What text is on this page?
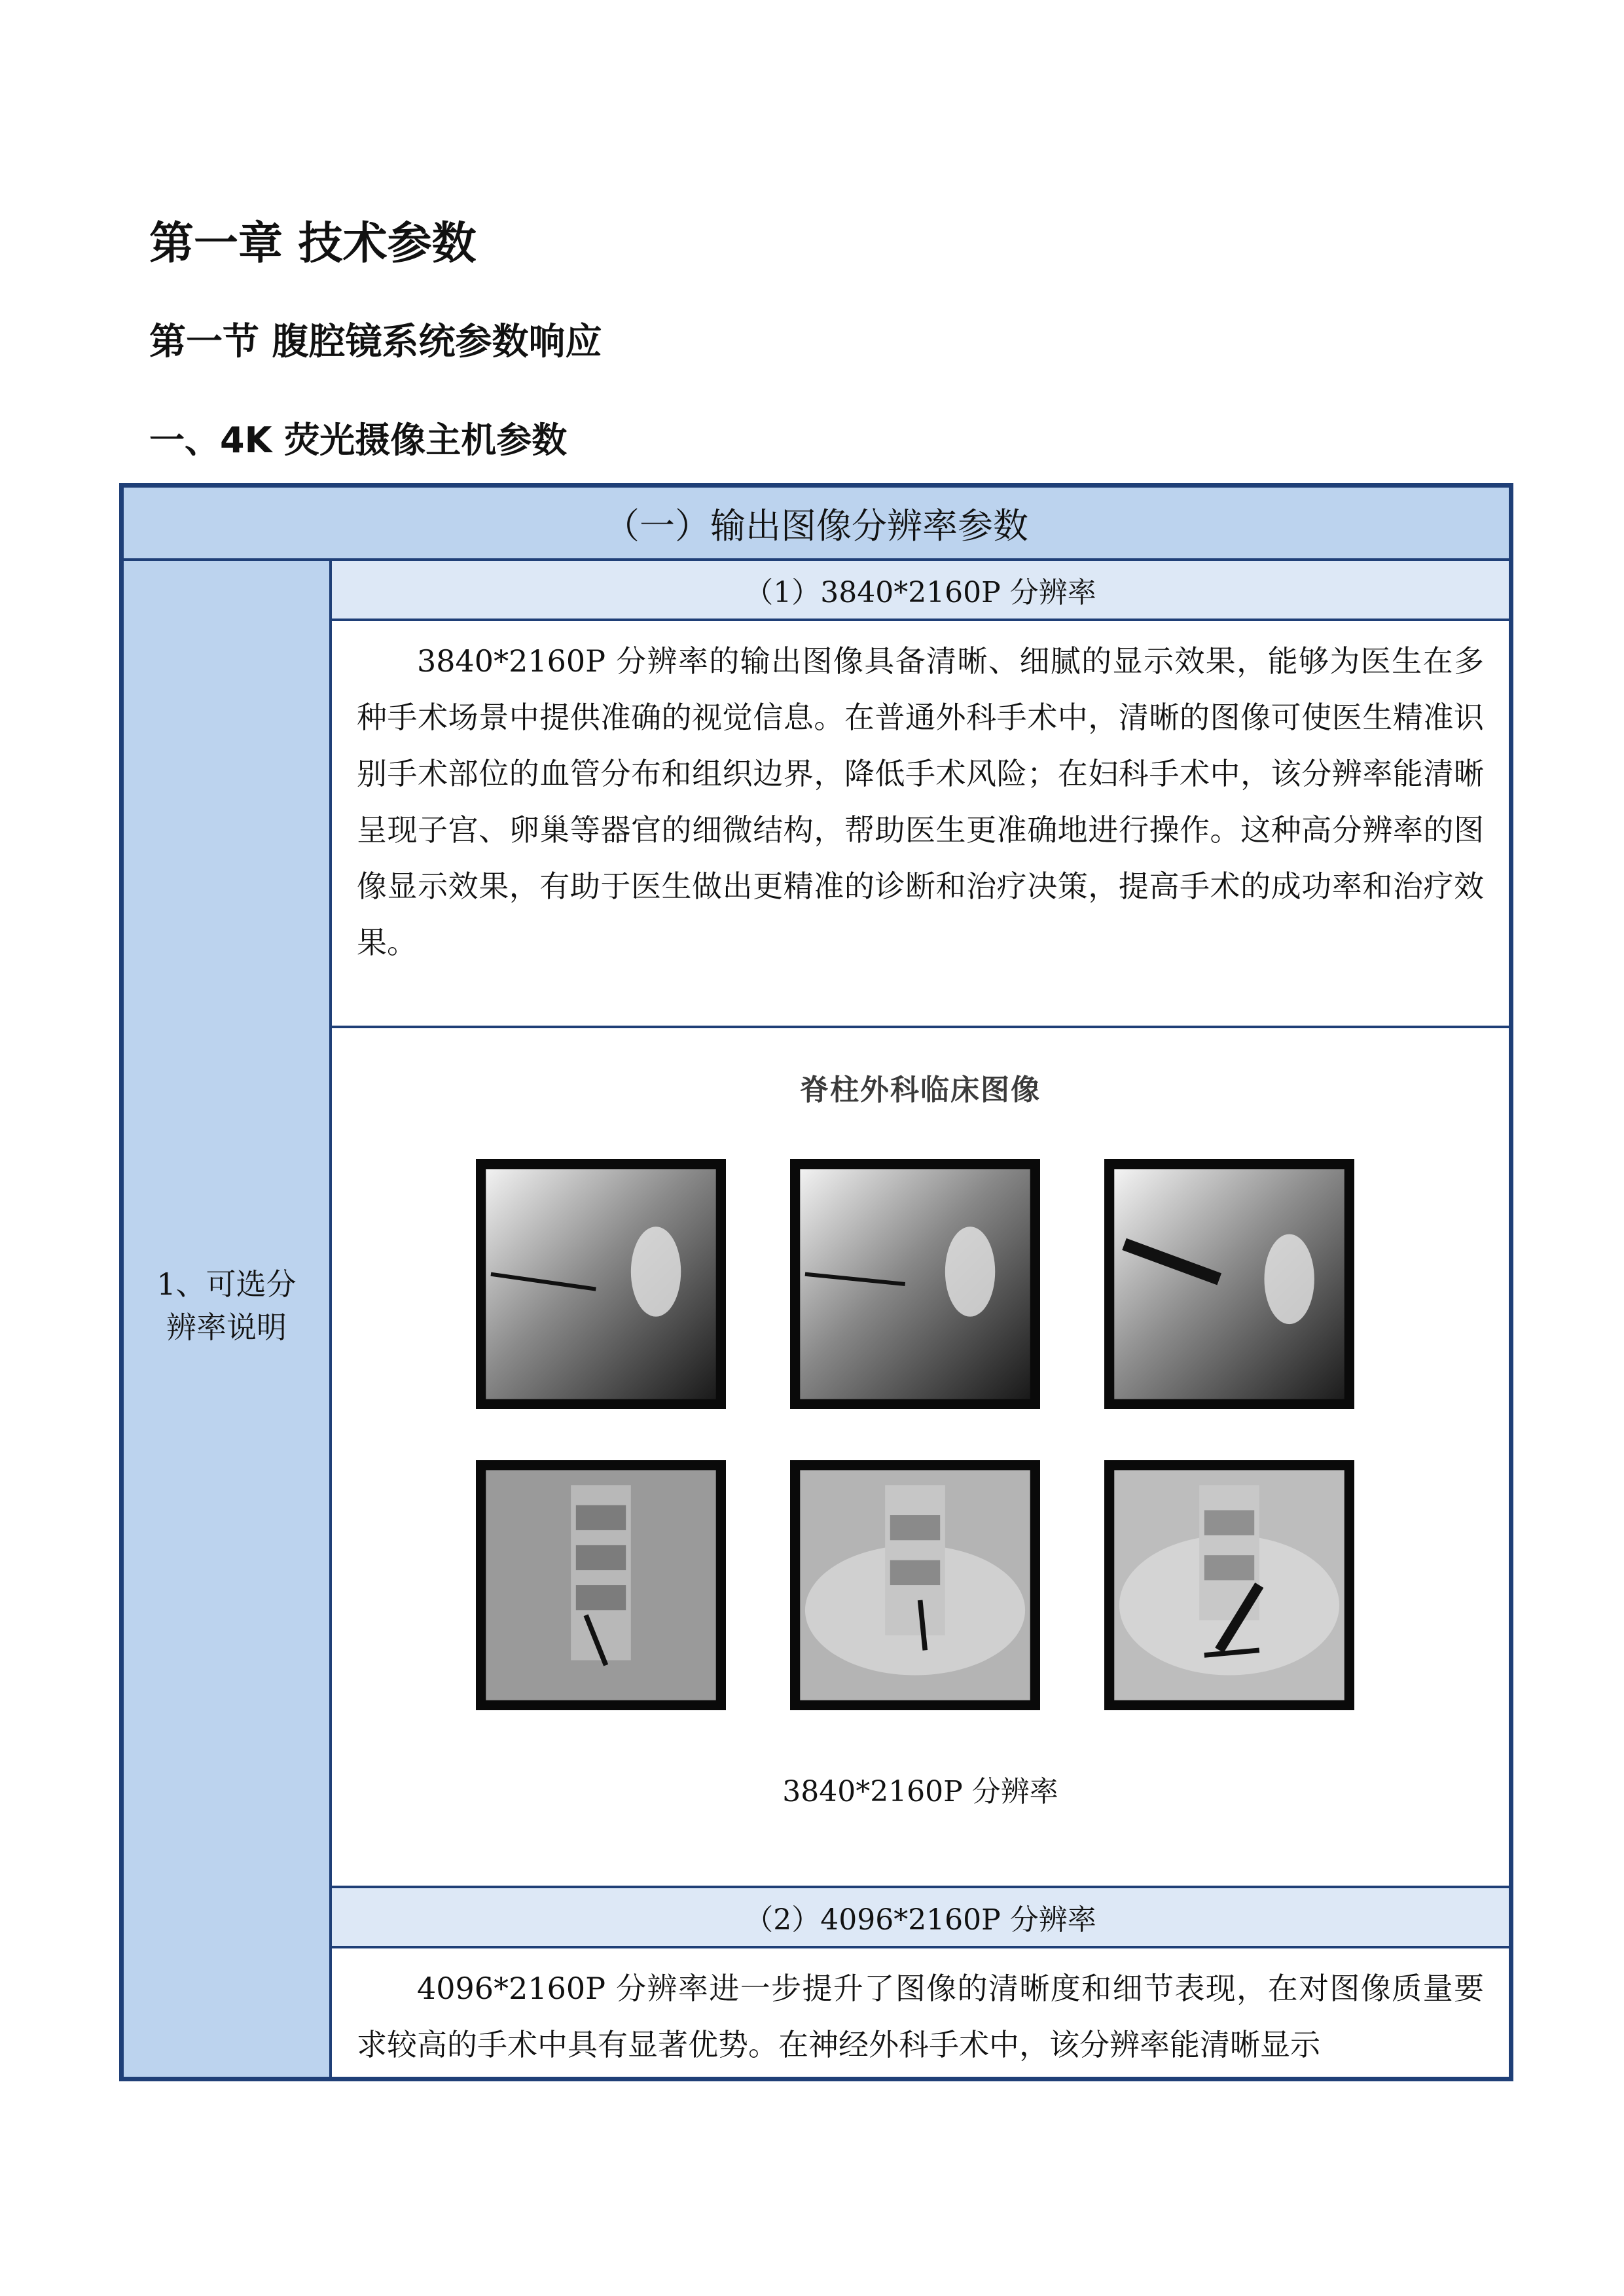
第一章 技术参数
第一节 腹腔镜系统参数响应
一、4K 荧光摄像主机参数
（一）输出图像分辨率参数
1、可选分辨率说明
（1）3840*2160P 分辨率
3840*2160P 分辨率的输出图像具备清晰、细腻的显示效果，能够为医生在多种手术场景中提供准确的视觉信息。在普通外科手术中，清晰的图像可使医生精准识别手术部位的血管分布和组织边界，降低手术风险；在妇科手术中，该分辨率能清晰呈现子宫、卵巢等器官的细微结构，帮助医生更准确地进行操作。这种高分辨率的图像显示效果，有助于医生做出更精准的诊断和治疗决策，提高手术的成功率和治疗效果。
脊柱外科临床图像
3840*2160P 分辨率
（2）4096*2160P 分辨率
4096*2160P 分辨率进一步提升了图像的清晰度和细节表现，在对图像质量要求较高的手术中具有显著优势。在神经外科手术中，该分辨率能清晰显示
